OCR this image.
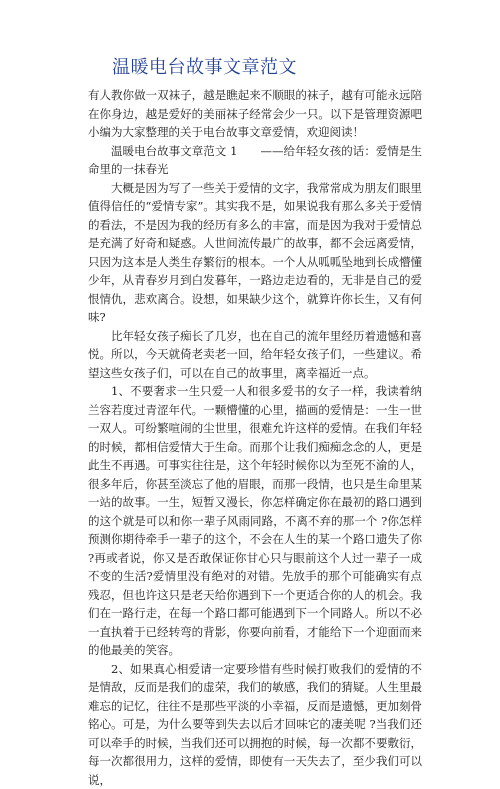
温暖电台故事文章范文

有人教你做一双袜子，越是瞧起来不顺眼的袜子，越有可能永远陪在你身边，越是爱好的美丽袜子经常会少一只。以下是管理资源吧小编为大家整理的关于电台故事文章爱情，欢迎阅读！

温暖电台故事文章范文 1　　——给年轻女孩的话：爱情是生命里的一抹春光

大概是因为写了一些关于爱情的文字，我常常成为朋友们眼里值得信任的“爱情专家”。其实我不是，如果说我有那么多关于爱情的看法，不是因为我的经历有多么的丰富，而是因为我对于爱情总是充满了好奇和疑惑。人世间流传最广的故事，都不会远离爱情，只因为这本是人类生存繁衍的根本。一个人从呱呱坠地到长成懵懂少年，从青春岁月到白发暮年，一路边走边看的，无非是自己的爱恨情仇，悲欢离合。设想，如果缺少这个，就算许你长生，又有何味?

比年轻女孩子痴长了几岁，也在自己的流年里经历着遗憾和喜悦。所以，今天就倚老卖老一回，给年轻女孩子们，一些建议。希望这些女孩子们，可以在自己的故事里，离幸福近一点。

1、不要奢求一生只爱一人和很多爱书的女子一样，我读着纳兰容若度过青涩年代。一颗懵懂的心里，描画的爱情是：一生一世一双人。可纷繁喧闹的尘世里，很难允许这样的爱情。在我们年轻的时候，都相信爱情大于生命。而那个让我们痴痴念念的人，更是此生不再遇。可事实往往是，这个年轻时候你以为至死不渝的人，很多年后，你甚至淡忘了他的眉眼，而那一段情，也只是生命里某一站的故事。一生，短暂又漫长，你怎样确定你在最初的路口遇到的这个就是可以和你一辈子风雨同路，不离不弃的那一个 ?你怎样预测你期待牵手一辈子的这个，不会在人生的某一个路口遗失了你 ?再或者说，你又是否敢保证你甘心只与眼前这个人过一辈子一成不变的生活?爱情里没有绝对的对错。先放手的那个可能确实有点残忍，但也许这只是老天给你遇到下一个更适合你的人的机会。我们在一路行走，在每一个路口都可能遇到下一个同路人。所以不必一直执着于已经转弯的背影，你要向前看，才能给下一个迎面而来的他最美的笑容。

2、如果真心相爱请一定要珍惜有些时候打败我们的爱情的不是情敌，反而是我们的虚荣，我们的敏感，我们的猜疑。人生里最难忘的记忆，往往不是那些平淡的小幸福，反而是遗憾，更加刻骨铭心。可是，为什么要等到失去以后才回味它的凄美呢 ?当我们还可以牵手的时候，当我们还可以拥抱的时候，每一次都不要敷衍，每一次都很用力，这样的爱情，即使有一天失去了，至少我们可以说，
